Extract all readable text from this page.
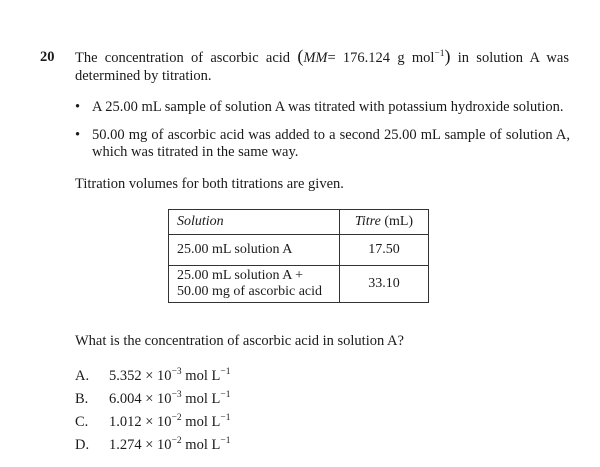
20 The concentration of ascorbic acid (MM= 176.124 g mol$^{-1}$) in solution A was determined by titration.
• A 25.00 mL sample of solution A was titrated with potassium hydroxide solution.
• 50.00 mg of ascorbic acid was added to a second 25.00 mL sample of solution A, which was titrated in the same way.
Titration volumes for both titrations are given.
Solution	Titre (mL)
25.00 mL solution A	17.50
25.00 mL solution A +
50.00 mg of ascorbic acid	33.10
What is the concentration of ascorbic acid in solution A?
A. $5.352 \times 10^{-3}$ mol $L^{-1}$
B. $6.004 \times 10^{-3}$ mol $L^{-1}$
C. $1.012 \times 10^{-2}$ mol $L^{-1}$
D. $1.274 \times 10^{-2}$ mol $L^{-1}$
